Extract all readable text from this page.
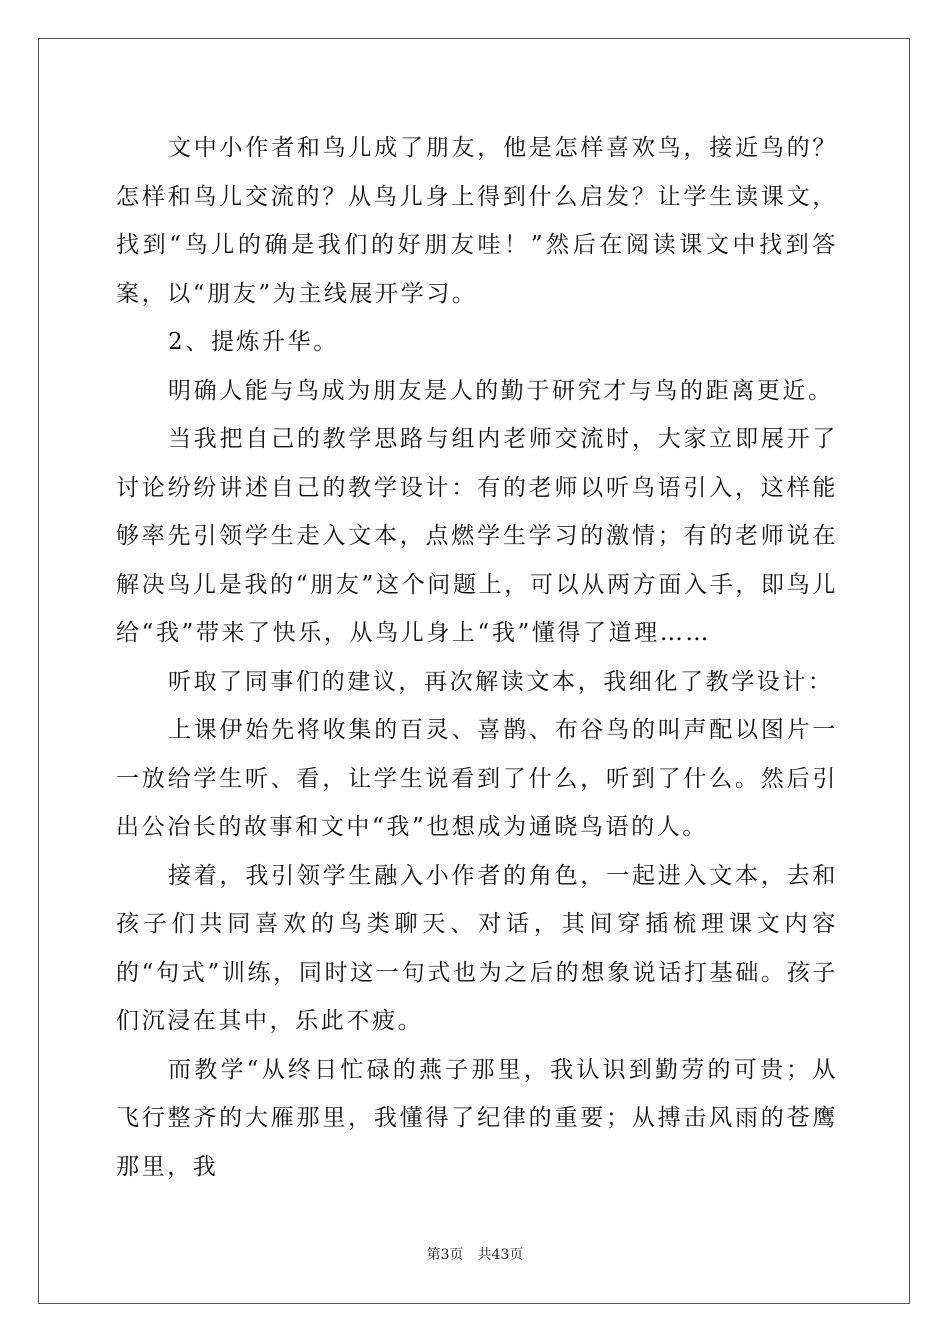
文中小作者和鸟儿成了朋友，他是怎样喜欢鸟，接近鸟的？怎样和鸟儿交流的？从鸟儿身上得到什么启发？让学生读课文，找到“鸟儿的确是我们的好朋友哇！”然后在阅读课文中找到答案，以“朋友”为主线展开学习。

2、提炼升华。

明确人能与鸟成为朋友是人的勤于研究才与鸟的距离更近。

当我把自己的教学思路与组内老师交流时，大家立即展开了讨论纷纷讲述自己的教学设计：有的老师以听鸟语引入，这样能够率先引领学生走入文本，点燃学生学习的激情；有的老师说在解决鸟儿是我的“朋友”这个问题上，可以从两方面入手，即鸟儿给“我”带来了快乐，从鸟儿身上“我”懂得了道理……

听取了同事们的建议，再次解读文本，我细化了教学设计：

上课伊始先将收集的百灵、喜鹊、布谷鸟的叫声配以图片一一放给学生听、看，让学生说看到了什么，听到了什么。然后引出公冶长的故事和文中“我”也想成为通晓鸟语的人。

接着，我引领学生融入小作者的角色，一起进入文本，去和孩子们共同喜欢的鸟类聊天、对话，其间穿插梳理课文内容的“句式”训练，同时这一句式也为之后的想象说话打基础。孩子们沉浸在其中，乐此不疲。

而教学“从终日忙碌的燕子那里，我认识到勤劳的可贵；从飞行整齐的大雁那里，我懂得了纪律的重要；从搏击风雨的苍鹰那里，我

第3页 共43页
